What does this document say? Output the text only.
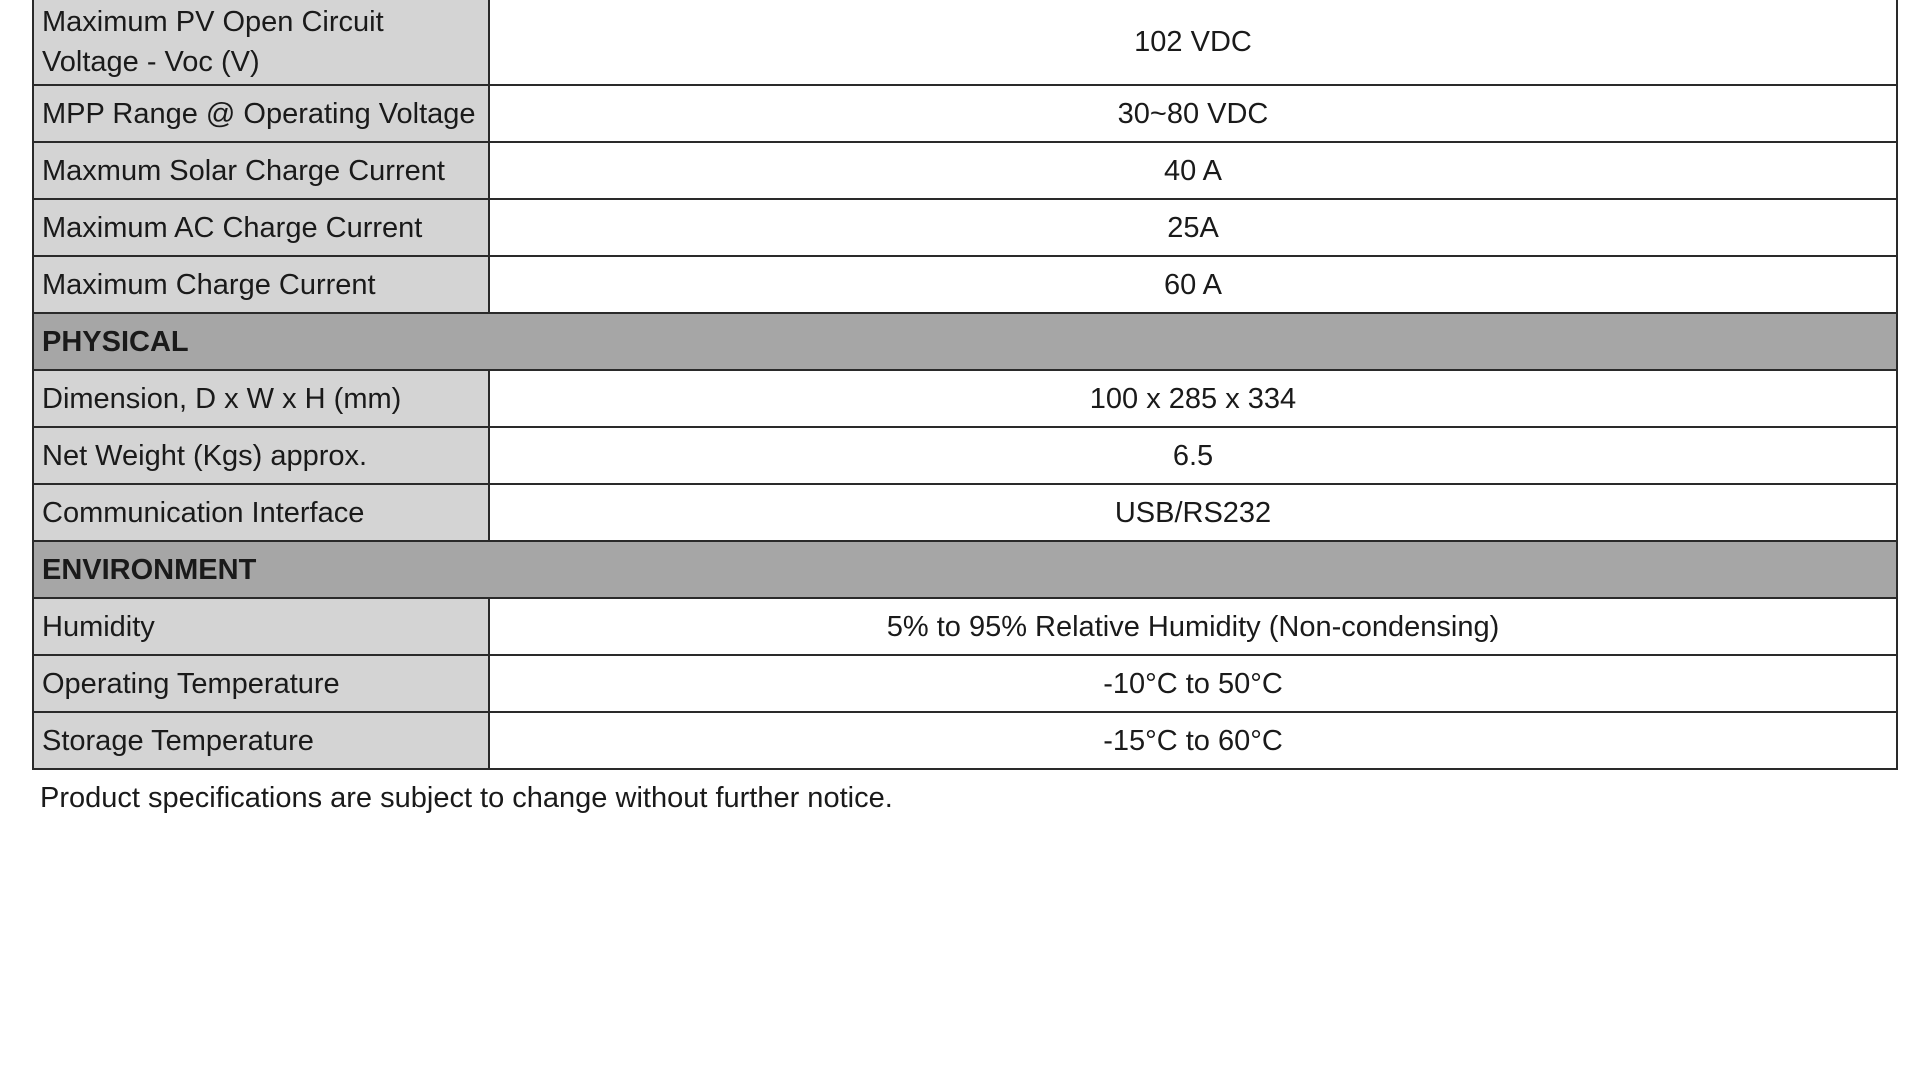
Maximum PV Open Circuit Voltage - Voc (V)	102 VDC
MPP Range @ Operating Voltage	30~80 VDC
Maxmum Solar Charge Current	40 A
Maximum AC Charge Current	25A
Maximum Charge Current	60 A
PHYSICAL	
Dimension, D x W x H (mm)	100 x 285 x 334
Net Weight (Kgs) approx.	6.5
Communication Interface	USB/RS232
ENVIRONMENT	
Humidity	5% to 95% Relative Humidity (Non-condensing)
Operating Temperature	-10°C to 50°C
Storage Temperature	-15°C to 60°C

Product specifications are subject to change without further notice.
